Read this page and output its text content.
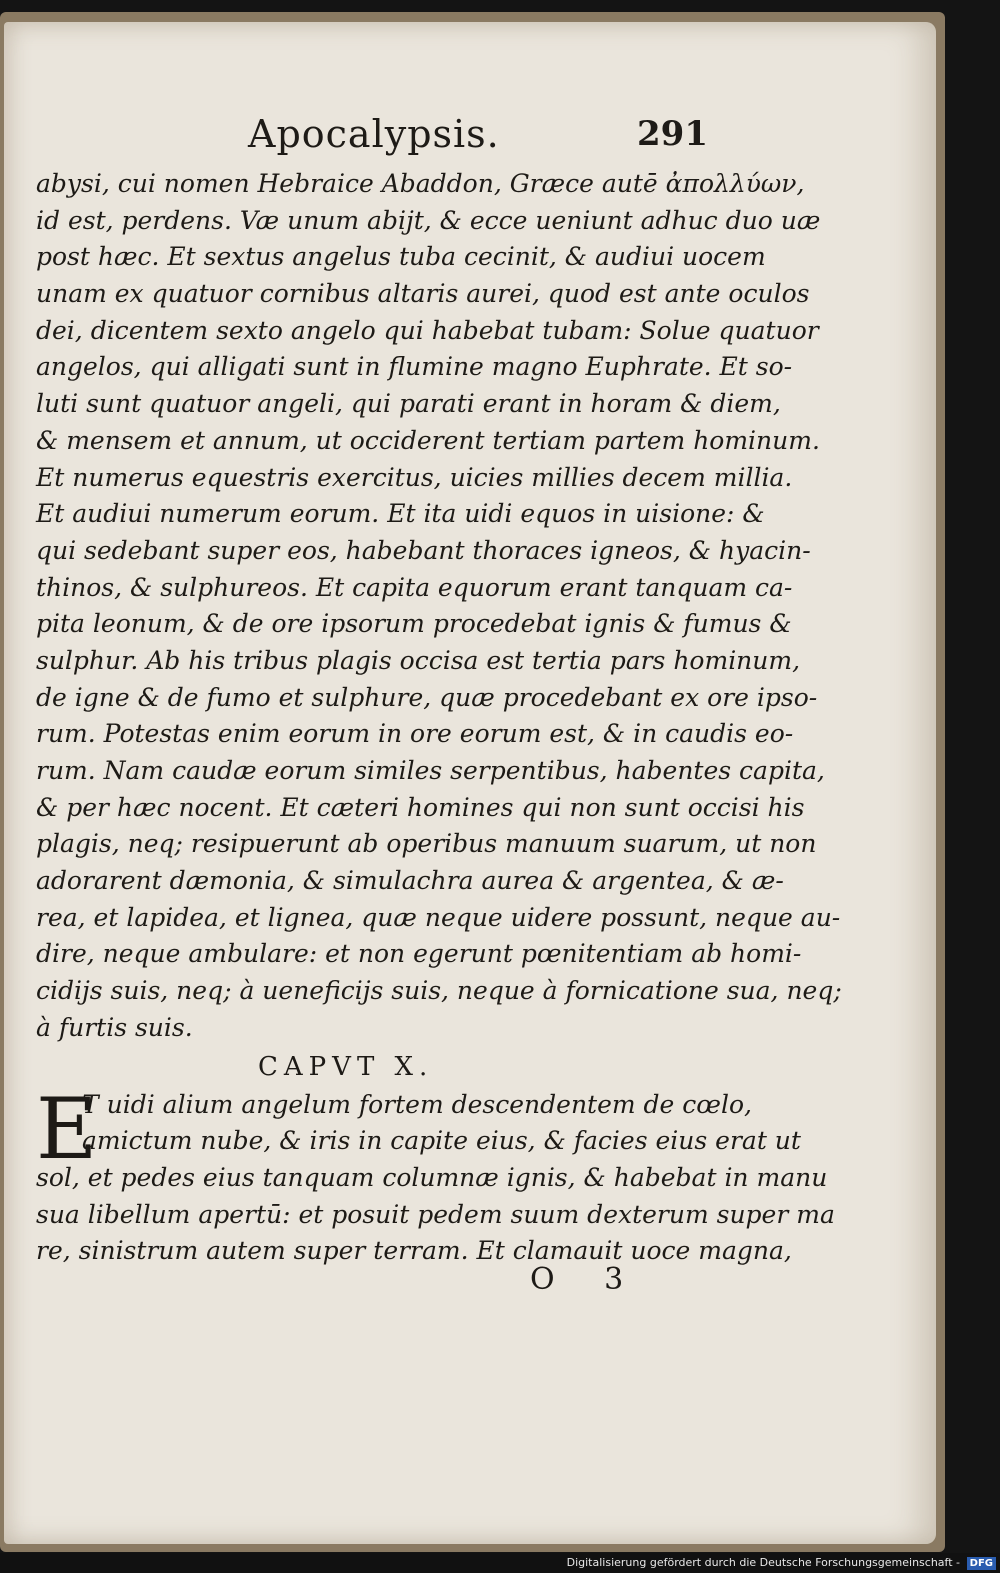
Apocalypsis.	291
abysi, cui nomen Hebraice Abaddon, Græce autē ἀπολλύων,
id est, perdens. Væ unum abijt, & ecce ueniunt adhuc duo uæ
post hæc. Et sextus angelus tuba cecinit, & audiui uocem
unam ex quatuor cornibus altaris aurei, quod est ante oculos
dei, dicentem sexto angelo qui habebat tubam: Solue quatuor
angelos, qui alligati sunt in flumine magno Euphrate. Et so-
luti sunt quatuor angeli, qui parati erant in horam & diem,
& mensem et annum, ut occiderent tertiam partem hominum.
Et numerus equestris exercitus, uicies millies decem millia.
Et audiui numerum eorum. Et ita uidi equos in uisione: &
qui sedebant super eos, habebant thoraces igneos, & hyacin-
thinos, & sulphureos. Et capita equorum erant tanquam ca-
pita leonum, & de ore ipsorum procedebat ignis & fumus &
sulphur. Ab his tribus plagis occisa est tertia pars hominum,
de igne & de fumo et sulphure, quæ procedebant ex ore ipso-
rum. Potestas enim eorum in ore eorum est, & in caudis eo-
rum. Nam caudæ eorum similes serpentibus, habentes capita,
& per hæc nocent. Et cæteri homines qui non sunt occisi his
plagis, neq; resipuerunt ab operibus manuum suarum, ut non
adorarent dæmonia, & simulachra aurea & argentea, & æ-
rea, et lapidea, et lignea, quæ neque uidere possunt, neque au-
dire, neque ambulare: et non egerunt pœnitentiam ab homi-
cidijs suis, neq; à ueneficijs suis, neque à fornicatione sua, neq;
à furtis suis.
CAPVT X.
E
T uidi alium angelum fortem descendentem de cœlo,
amictum nube, & iris in capite eius, & facies eius erat ut
sol, et pedes eius tanquam columnæ ignis, & habebat in manu
sua libellum apertū: et posuit pedem suum dexterum super ma
re, sinistrum autem super terram. Et clamauit uoce magna,
O 3
Digitalisierung gefördert durch die Deutsche Forschungsgemeinschaft - DFG
